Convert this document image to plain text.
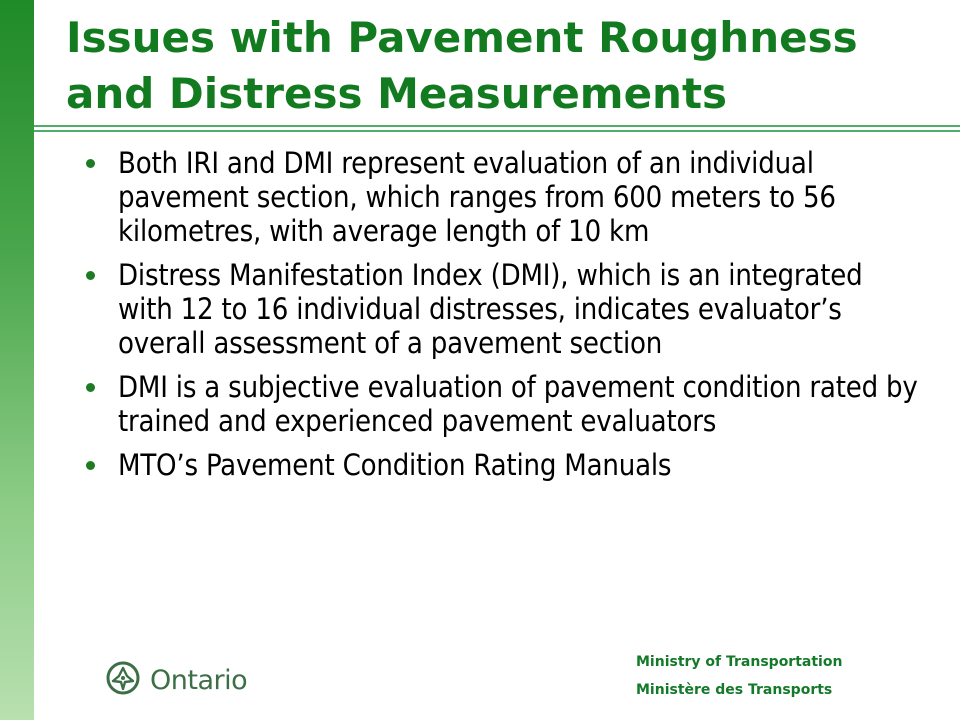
Issues with Pavement Roughness and Distress Measurements
Both IRI and DMI represent evaluation of an individual pavement section, which ranges from 600 meters to 56 kilometres, with average length of 10 km
Distress Manifestation Index (DMI), which is an integrated with 12 to 16 individual distresses, indicates evaluator’s overall assessment of a pavement section
DMI is a subjective evaluation of pavement condition rated by trained and experienced pavement evaluators
MTO’s Pavement Condition Rating Manuals
Ontario
Ministry of Transportation
Ministère des Transports
